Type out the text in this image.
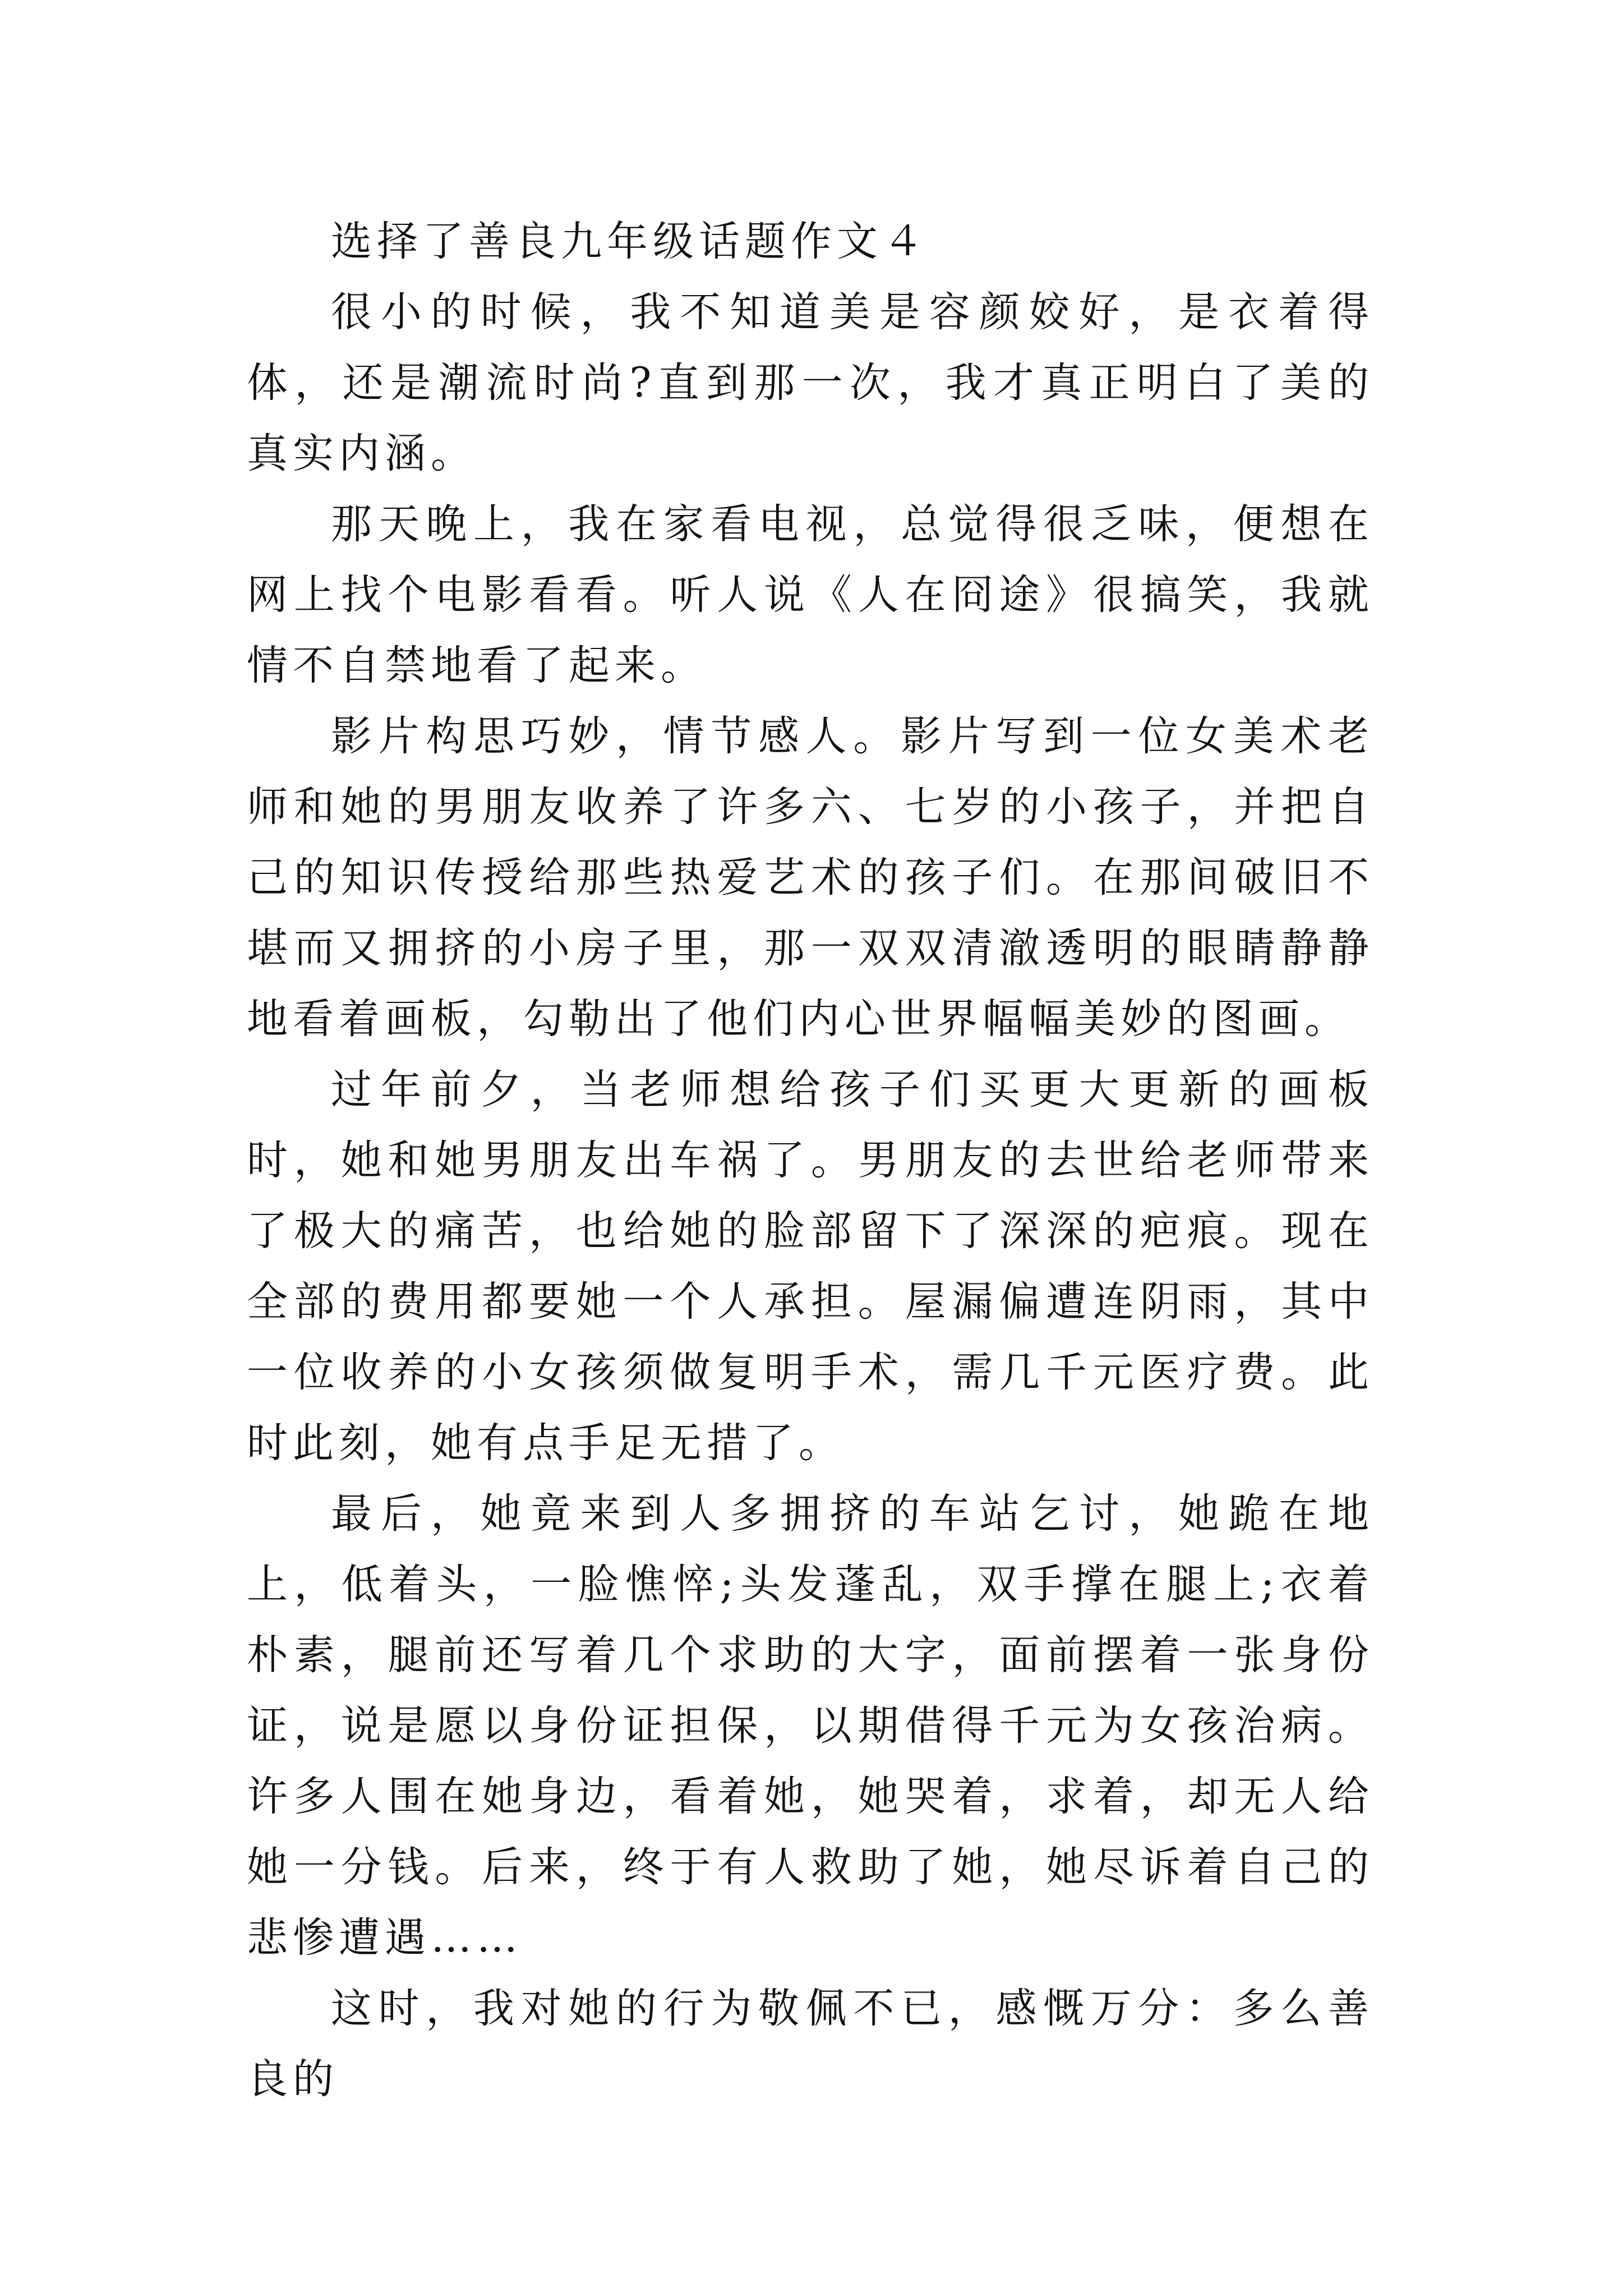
选择了善良九年级话题作文４

很小的时候，我不知道美是容颜姣好，是衣着得体，还是潮流时尚?直到那一次，我才真正明白了美的真实内涵。

那天晚上，我在家看电视，总觉得很乏味，便想在网上找个电影看看。听人说《人在冏途》很搞笑，我就情不自禁地看了起来。

影片构思巧妙，情节感人。影片写到一位女美术老师和她的男朋友收养了许多六、七岁的小孩子，并把自己的知识传授给那些热爱艺术的孩子们。在那间破旧不堪而又拥挤的小房子里，那一双双清澈透明的眼睛静静地看着画板，勾勒出了他们内心世界幅幅美妙的图画。

过年前夕，当老师想给孩子们买更大更新的画板时，她和她男朋友出车祸了。男朋友的去世给老师带来了极大的痛苦，也给她的脸部留下了深深的疤痕。现在全部的费用都要她一个人承担。屋漏偏遭连阴雨，其中一位收养的小女孩须做复明手术，需几千元医疗费。此时此刻，她有点手足无措了。

最后，她竟来到人多拥挤的车站乞讨，她跪在地上，低着头，一脸憔悴;头发蓬乱，双手撑在腿上;衣着朴素，腿前还写着几个求助的大字，面前摆着一张身份证，说是愿以身份证担保，以期借得千元为女孩治病。许多人围在她身边，看着她，她哭着，求着，却无人给她一分钱。后来，终于有人救助了她，她尽诉着自己的悲惨遭遇……

这时，我对她的行为敬佩不已，感慨万分：多么善良的
